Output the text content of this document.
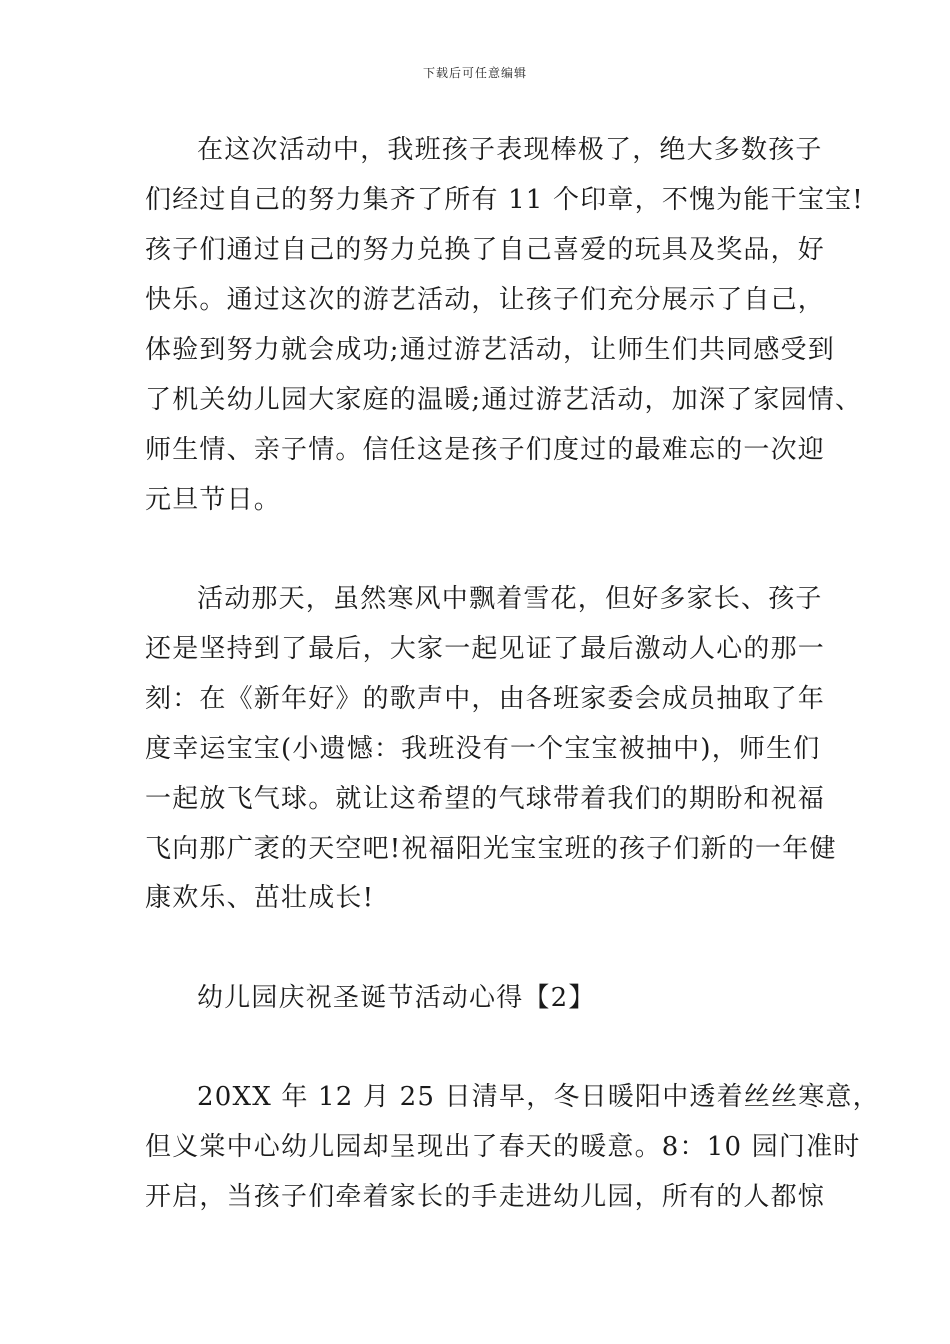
下载后可任意编辑
在这次活动中，我班孩子表现棒极了，绝大多数孩子
们经过自己的努力集齐了所有 11 个印章，不愧为能干宝宝!
孩子们通过自己的努力兑换了自己喜爱的玩具及奖品，好
快乐。通过这次的游艺活动，让孩子们充分展示了自己，
体验到努力就会成功;通过游艺活动，让师生们共同感受到
了机关幼儿园大家庭的温暖;通过游艺活动，加深了家园情、
师生情、亲子情。信任这是孩子们度过的最难忘的一次迎
元旦节日。
活动那天，虽然寒风中飘着雪花，但好多家长、孩子
还是坚持到了最后，大家一起见证了最后激动人心的那一
刻：在《新年好》的歌声中，由各班家委会成员抽取了年
度幸运宝宝(小遗憾：我班没有一个宝宝被抽中)，师生们
一起放飞气球。就让这希望的气球带着我们的期盼和祝福
飞向那广袤的天空吧!祝福阳光宝宝班的孩子们新的一年健
康欢乐、茁壮成长!
幼儿园庆祝圣诞节活动心得【2】
20XX 年 12 月 25 日清早，冬日暖阳中透着丝丝寒意，
但义棠中心幼儿园却呈现出了春天的暖意。8：10 园门准时
开启，当孩子们牵着家长的手走进幼儿园，所有的人都惊
